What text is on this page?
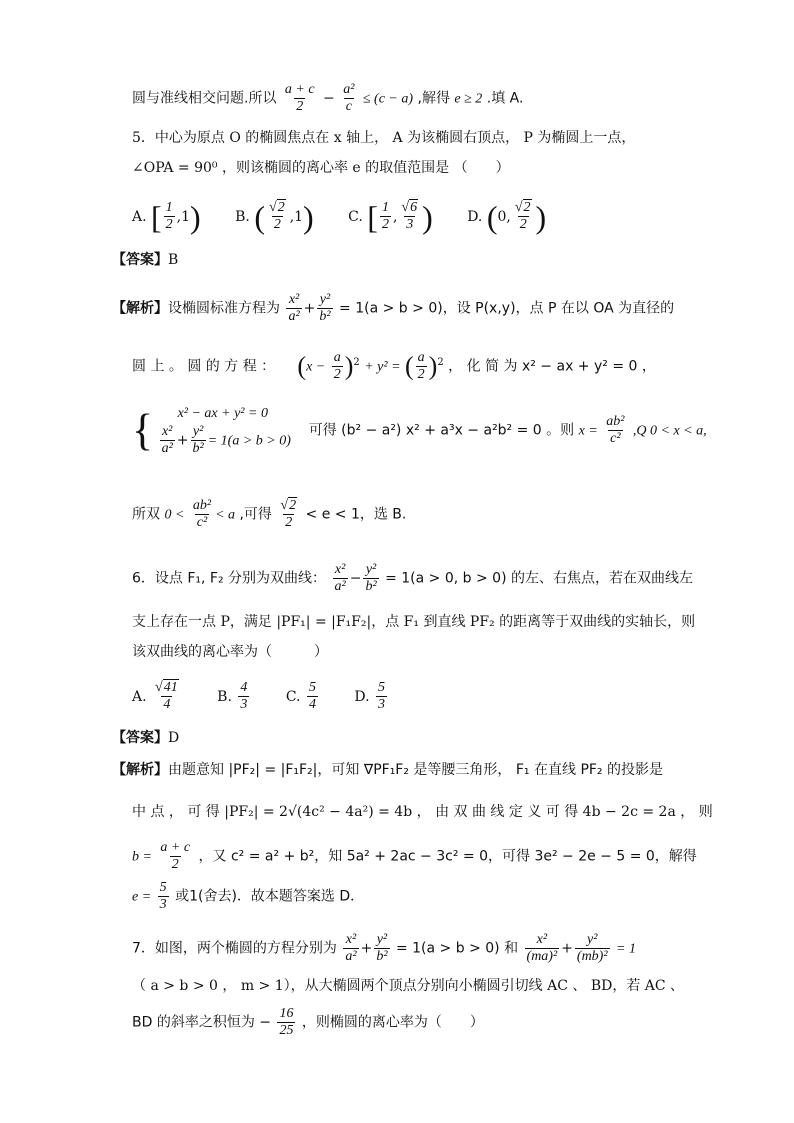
圆与准线相交问题.所以 $\frac{a + c}{2} - \frac{\text{a²}}{c} \le (c - a)$ ,解得 e ≥ 2 .填 A.
5．中心为原点 O 的椭圆焦点在 x 轴上， A 为该椭圆右顶点， P 为椭圆上一点，
∠OPA = 90⁰ ，则该椭圆的离心率 e 的取值范围是 （　　）
A.
[ $\frac{1}{2} ,1$ )
B.
( $\frac{√2}{2} ,1$ )
C.
[ $\frac{1}{2}$ , $\frac{√6}{3}$ )
D.
( 0, $\frac{√2}{2}$ )
【答案】B
【解析】设椭圆标准方程为 $\frac{\text{x²}}{\text{a²}} + \frac{\text{y²}}{\text{b²}} = 1(a > b > 0)$，设 P(x,y)，点 P 在以 OA 为直径的
圆 上 。 圆 的 方 程 ： $(x - \frac{a}{2} )^2 + y^2$ = ( $\frac{a}{2} )^2$ ， 化 简 为 x² − ax + y² = 0 ，
{ x² − ax + y² = 0
$\frac{\text{x²}}{\text{a²}} + \frac{\text{y²}}{\text{b²}} = 1(a > b > 0)$
可得 (b² − a²) x² + a³x − a²b² = 0 。则 $x = \frac{\text{ab²}}{\text{c²}} ,Q$ 0 < x < a,
所双 $0 < \frac{\text{ab²}}{\text{c²}} < a$ ,可得 $\frac{√2}{2} < e < 1$，选 B.
6．设点 F₁, F₂ 分别为双曲线： $\frac{\text{x²}}{\text{a²}} - \frac{\text{y²}}{\text{b²}} = 1(a > 0$, b > 0) 的左、右焦点，若在双曲线左
支上存在一点 P，满足 |PF₁| = |F₁F₂|，点 F₁ 到直线 PF₂ 的距离等于双曲线的实轴长，则
该双曲线的离心率为（　　　）
A.
$\frac{√41}{4}$
	B.
$\frac{4}{3}$
	C.
$\frac{5}{4}$
	D.
$\frac{5}{3}$
【答案】D
【解析】由题意知 |PF₂| = |F₁F₂|，可知 ∇PF₁F₂ 是等腰三角形， F₁ 在直线 PF₂ 的投影是
中 点 ， 可 得 |PF₂| = 2√(4c² − 4a²) = 4b ， 由 双 曲 线 定 义 可 得 4b − 2c = 2a ， 则
$b = \frac{a + c}{2}$ ，又 c² = a² + b²，知 5a² + 2ac − 3c² = 0，可得 3e² − 2e − 5 = 0，解得
$e = \frac{5}{3}$ 或1(舍去)．故本题答案选 D．
7．如图，两个椭圆的方程分别为 $\frac{\text{x²}}{\text{a²}} + \frac{\text{y²}}{\text{b²}} = 1(a > b > 0)$ 和 $\frac{\text{x²}}{\text{(ma)²}} + \frac{\text{y²}}{\text{(mb)²}} = 1$
（ a > b > 0 ， m > 1），从大椭圆两个顶点分别向小椭圆引切线 AC 、 BD，若 AC 、
BD 的斜率之积恒为 − $\frac{16}{25}$ ，则椭圆的离心率为（　　）
